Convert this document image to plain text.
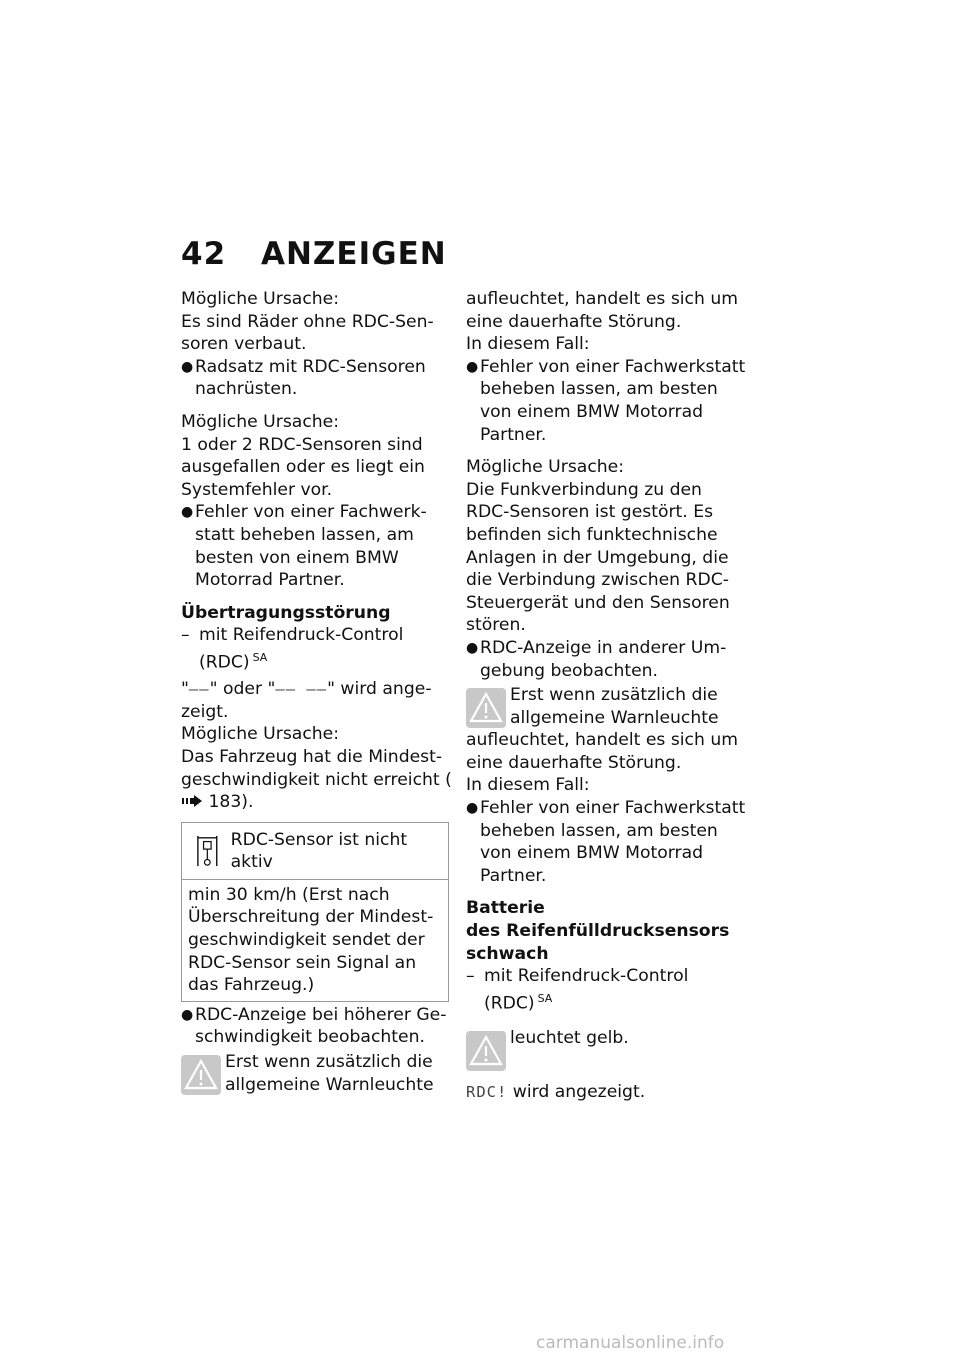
42 ANZEIGEN

Mögliche Ursache:

Es sind Räder ohne RDC-Sensoren verbaut.

● Radsatz mit RDC-Sensoren nachrüsten.

Mögliche Ursache:

1 oder 2 RDC-Sensoren sind ausgefallen oder es liegt ein Systemfehler vor.

● Fehler von einer Fachwerkstatt beheben lassen, am besten von einem BMW Motorrad Partner.

Übertragungsstörung

– mit Reifendruck-Control (RDC) $^{SA}$

"––" oder "–– ––" wird angezeigt.

Mögliche Ursache:

Das Fahrzeug hat die Mindestgeschwindigkeit nicht erreicht ( 183).

RDC-Sensor ist nicht aktiv
min 30 km/h (Erst nach Überschreitung der Mindestgeschwindigkeit sendet der RDC-Sensor sein Signal an das Fahrzeug.)
● RDC-Anzeige bei höherer Geschwindigkeit beobachten.
Erst wenn zusätzlich die allgemeine Warnleuchte

aufleuchtet, handelt es sich um eine dauerhafte Störung.

In diesem Fall:

● Fehler von einer Fachwerkstatt beheben lassen, am besten von einem BMW Motorrad Partner.

Mögliche Ursache:

Die Funkverbindung zu den RDC-Sensoren ist gestört. Es befinden sich funktechnische Anlagen in der Umgebung, die die Verbindung zwischen RDC-Steuergerät und den Sensoren stören.

● RDC-Anzeige in anderer Umgebung beobachten.
Erst wenn zusätzlich die allgemeine Warnleuchte

aufleuchtet, handelt es sich um eine dauerhafte Störung.

In diesem Fall:

● Fehler von einer Fachwerkstatt beheben lassen, am besten von einem BMW Motorrad Partner.

Batterie

des Reifenfülldrucksensors

schwach

– mit Reifendruck-Control (RDC) $^{SA}$
leuchtet gelb.

RDC! wird angezeigt.

carmanualsonline.info
